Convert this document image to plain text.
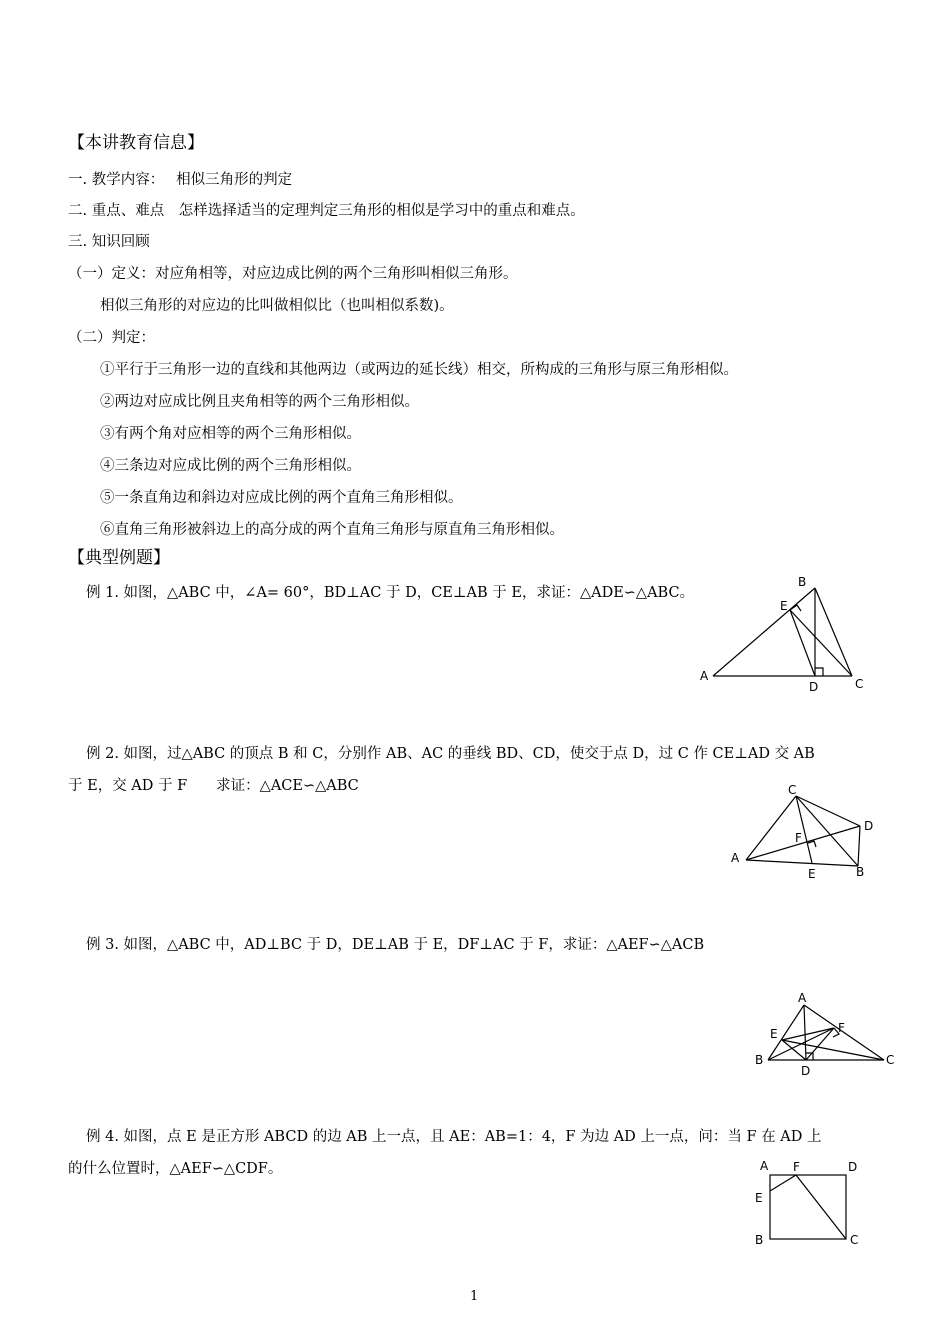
【本讲教育信息】
一. 教学内容：　 相似三角形的判定
二. 重点、难点　怎样选择适当的定理判定三角形的相似是学习中的重点和难点。
三. 知识回顾
（一）定义：对应角相等，对应边成比例的两个三角形叫相似三角形。
相似三角形的对应边的比叫做相似比（也叫相似系数)。
（二）判定：
①平行于三角形一边的直线和其他两边（或两边的延长线）相交，所构成的三角形与原三角形相似。
②两边对应成比例且夹角相等的两个三角形相似。
③有两个角对应相等的两个三角形相似。
④三条边对应成比例的两个三角形相似。
⑤一条直角边和斜边对应成比例的两个直角三角形相似。
⑥直角三角形被斜边上的高分成的两个直角三角形与原直角三角形相似。
【典型例题】
例 1. 如图，△ABC 中，∠A= 60°，BD⊥AC 于 D，CE⊥AB 于 E，求证：△ADE∽△ABC。
例 2. 如图，过△ABC 的顶点 B 和 C，分别作 AB、AC 的垂线 BD、CD，使交于点 D，过 C 作 CE⊥AD 交 AB
于 E，交 AD 于 F　　求证：△ACE∽△ABC
例 3. 如图，△ABC 中，AD⊥BC 于 D，DE⊥AB 于 E，DF⊥AC 于 F，求证：△AEF∽△ACB
例 4. 如图，点 E 是正方形 ABCD 的边 AB 上一点，且 AE：AB=1：4，F 为边 AD 上一点，问：当 F 在 AD 上
的什么位置时，△AEF∽△CDF。
B
E
A
D	C
C
D
F
A
E	B
A
E	F
B
D
C
A F	D
E
B	C
1
